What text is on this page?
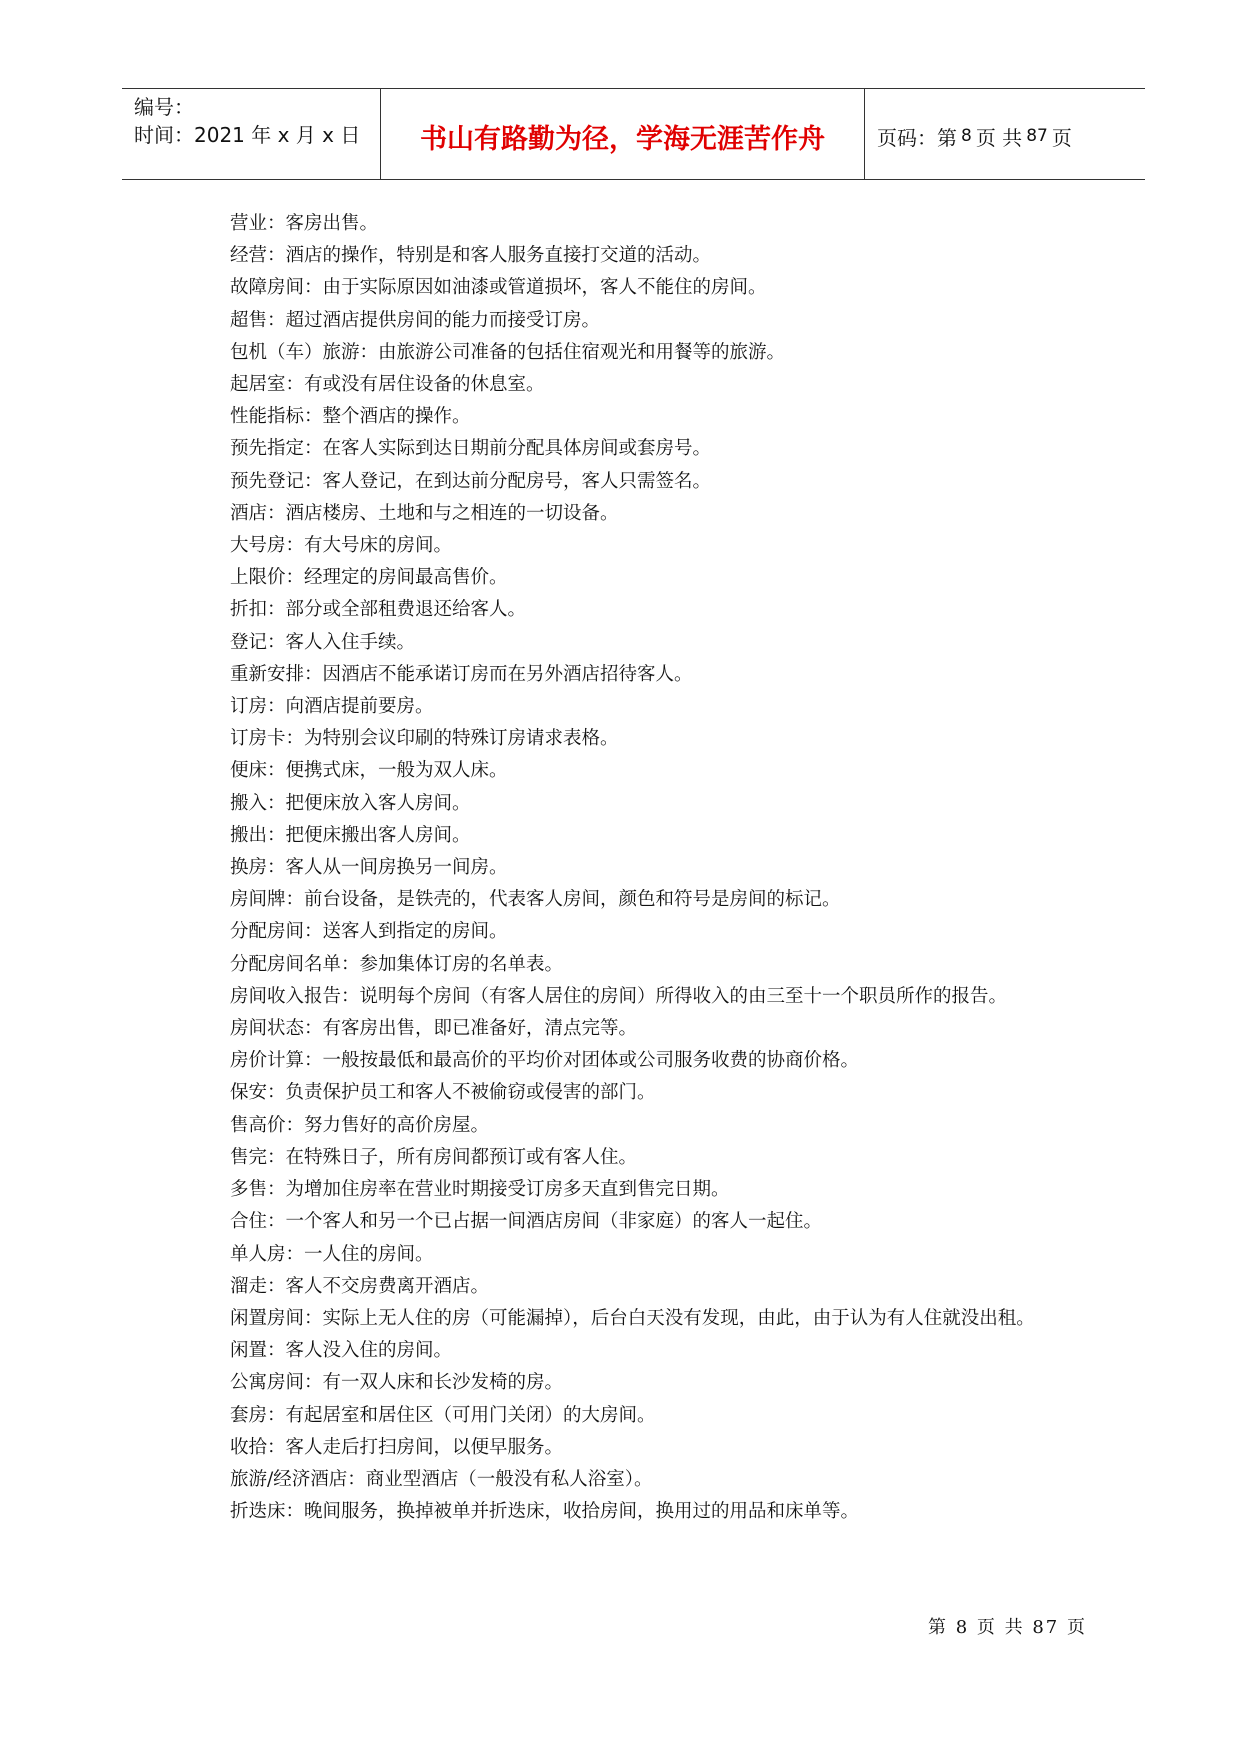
编号：
时间：2021 年 x 月 x 日	书山有路勤为径，学海无涯苦作舟	页码：第 8 页 共 87 页

营业：客房出售。

经营：酒店的操作，特别是和客人服务直接打交道的活动。

故障房间：由于实际原因如油漆或管道损坏，客人不能住的房间。

超售：超过酒店提供房间的能力而接受订房。

包机（车）旅游：由旅游公司准备的包括住宿观光和用餐等的旅游。

起居室：有或没有居住设备的休息室。

性能指标：整个酒店的操作。

预先指定：在客人实际到达日期前分配具体房间或套房号。

预先登记：客人登记，在到达前分配房号，客人只需签名。

酒店：酒店楼房、土地和与之相连的一切设备。

大号房：有大号床的房间。

上限价：经理定的房间最高售价。

折扣：部分或全部租费退还给客人。

登记：客人入住手续。

重新安排：因酒店不能承诺订房而在另外酒店招待客人。

订房：向酒店提前要房。

订房卡：为特别会议印刷的特殊订房请求表格。

便床：便携式床，一般为双人床。

搬入：把便床放入客人房间。

搬出：把便床搬出客人房间。

换房：客人从一间房换另一间房。

房间牌：前台设备，是铁壳的，代表客人房间，颜色和符号是房间的标记。

分配房间：送客人到指定的房间。

分配房间名单：参加集体订房的名单表。

房间收入报告：说明每个房间（有客人居住的房间）所得收入的由三至十一个职员所作的报告。

房间状态：有客房出售，即已准备好，清点完等。

房价计算：一般按最低和最高价的平均价对团体或公司服务收费的协商价格。

保安：负责保护员工和客人不被偷窃或侵害的部门。

售高价：努力售好的高价房屋。

售完：在特殊日子，所有房间都预订或有客人住。

多售：为增加住房率在营业时期接受订房多天直到售完日期。

合住：一个客人和另一个已占据一间酒店房间（非家庭）的客人一起住。

单人房：一人住的房间。

溜走：客人不交房费离开酒店。

闲置房间：实际上无人住的房（可能漏掉），后台白天没有发现，由此，由于认为有人住就没出租。

闲置：客人没入住的房间。

公寓房间：有一双人床和长沙发椅的房。

套房：有起居室和居住区（可用门关闭）的大房间。

收拾：客人走后打扫房间，以便早服务。

旅游/经济酒店：商业型酒店（一般没有私人浴室）。

折迭床：晚间服务，换掉被单并折迭床，收拾房间，换用过的用品和床单等。

第 8 页 共 87 页
